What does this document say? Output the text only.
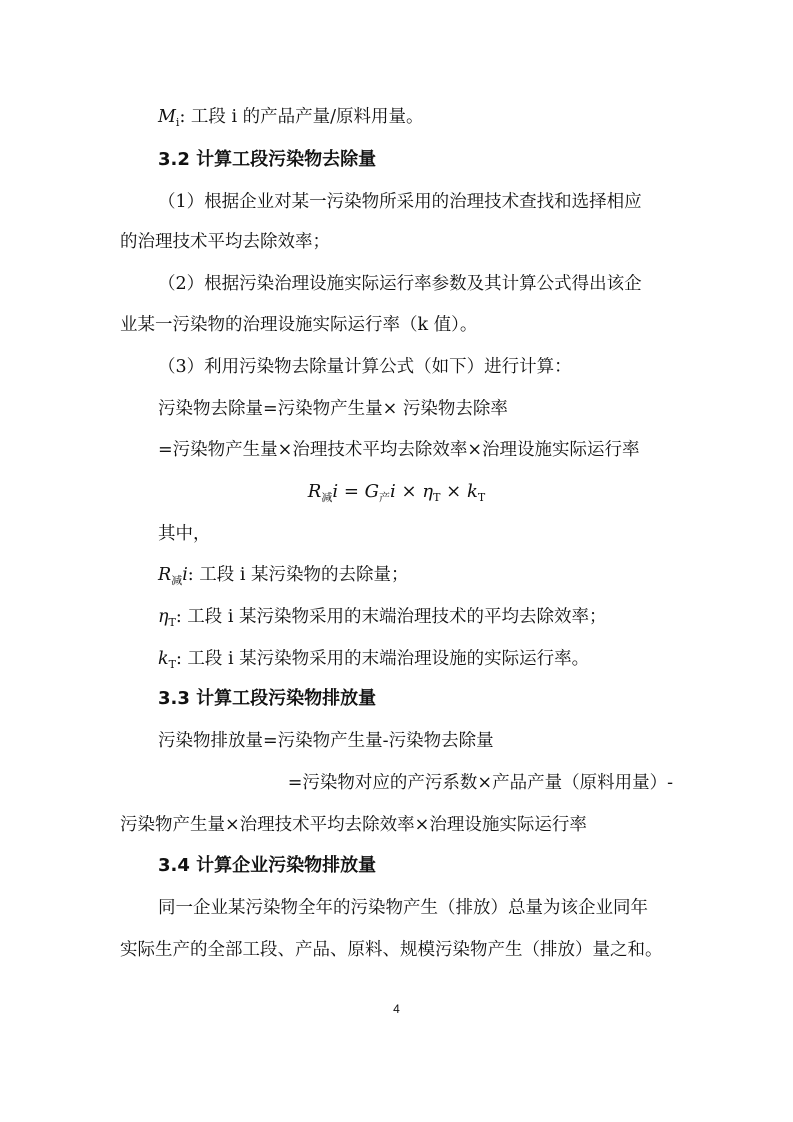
$M_i$: 工段 i 的产品产量/原料用量。
3.2 计算工段污染物去除量
（1）根据企业对某一污染物所采用的治理技术查找和选择相应
的治理技术平均去除效率；
（2）根据污染治理设施实际运行率参数及其计算公式得出该企
业某一污染物的治理设施实际运行率（k 值）。
（3）利用污染物去除量计算公式（如下）进行计算：
污染物去除量=污染物产生量× 污染物去除率
=污染物产生量×治理技术平均去除效率×治理设施实际运行率
$R_减i = G_产i \times \eta_T \times k_T$
其中，
$R_减i$: 工段 i 某污染物的去除量；
$\eta_T$: 工段 i 某污染物采用的末端治理技术的平均去除效率；
$k_T$: 工段 i 某污染物采用的末端治理设施的实际运行率。
3.3 计算工段污染物排放量
污染物排放量=污染物产生量-污染物去除量
=污染物对应的产污系数×产品产量（原料用量）-
污染物产生量×治理技术平均去除效率×治理设施实际运行率
3.4 计算企业污染物排放量
同一企业某污染物全年的污染物产生（排放）总量为该企业同年
实际生产的全部工段、产品、原料、规模污染物产生（排放）量之和。
4
